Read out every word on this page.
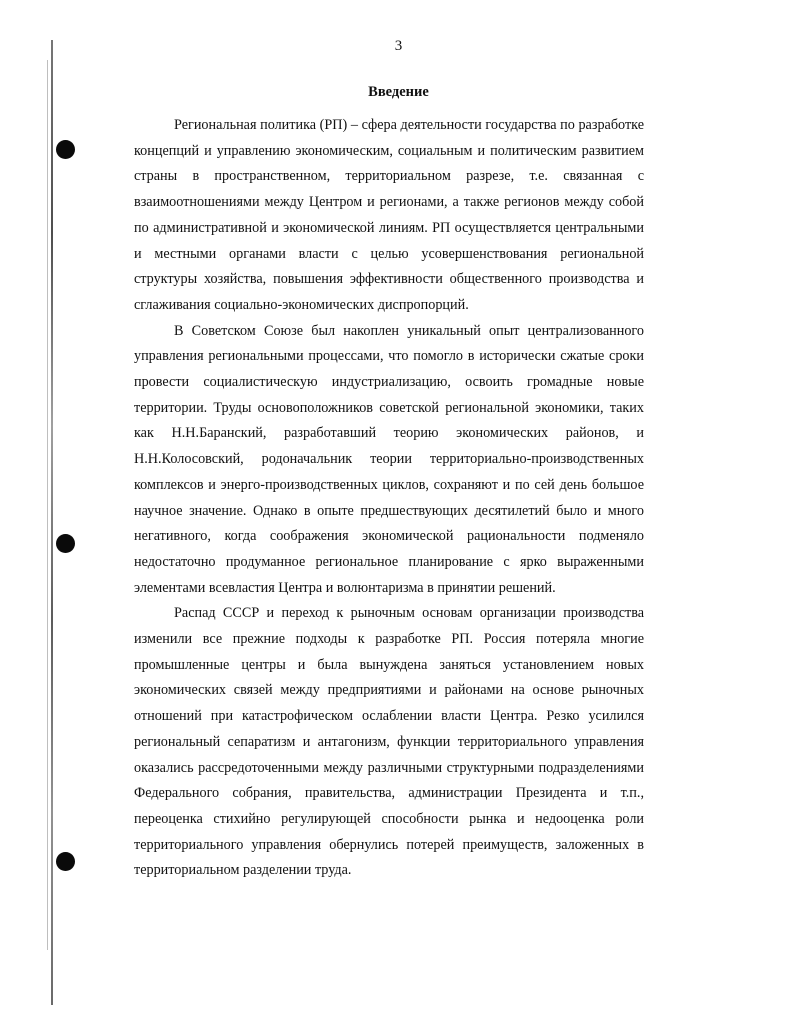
3
Введение

Региональная политика (РП) – сфера деятельности государства по разработке концепций и управлению экономическим, социальным и политическим развитием страны в пространственном, территориальном разрезе, т.е. связанная с взаимоотношениями между Центром и регионами, а также регионов между собой по административной и экономической линиям. РП осуществляется центральными и местными органами власти с целью усовершенствования региональной структуры хозяйства, повышения эффективности общественного производства и сглаживания социально-экономических диспропорций.

В Советском Союзе был накоплен уникальный опыт централизованного управления региональными процессами, что помогло в исторически сжатые сроки провести социалистическую индустриализацию, освоить громадные новые территории. Труды основоположников советской региональной экономики, таких как Н.Н.Баранский, разработавший теорию экономических районов, и Н.Н.Колосовский, родоначальник теории территориально-производственных комплексов и энерго-производственных циклов, сохраняют и по сей день большое научное значение. Однако в опыте предшествующих десятилетий было и много негативного, когда соображения экономической рациональности подменяло недостаточно продуманное региональное планирование с ярко выраженными элементами всевластия Центра и волюнтаризма в принятии решений.

Распад СССР и переход к рыночным основам организации производства изменили все прежние подходы к разработке РП. Россия потеряла многие промышленные центры и была вынуждена заняться установлением новых экономических связей между предприятиями и районами на основе рыночных отношений при катастрофическом ослаблении власти Центра. Резко усилился региональный сепаратизм и антагонизм, функции территориального управления оказались рассредоточенными между различными структурными подразделениями Федерального собрания, правительства, администрации Президента и т.п., переоценка стихийно регулирующей способности рынка и недооценка роли территориального управления обернулись потерей преимуществ, заложенных в территориальном разделении труда.
